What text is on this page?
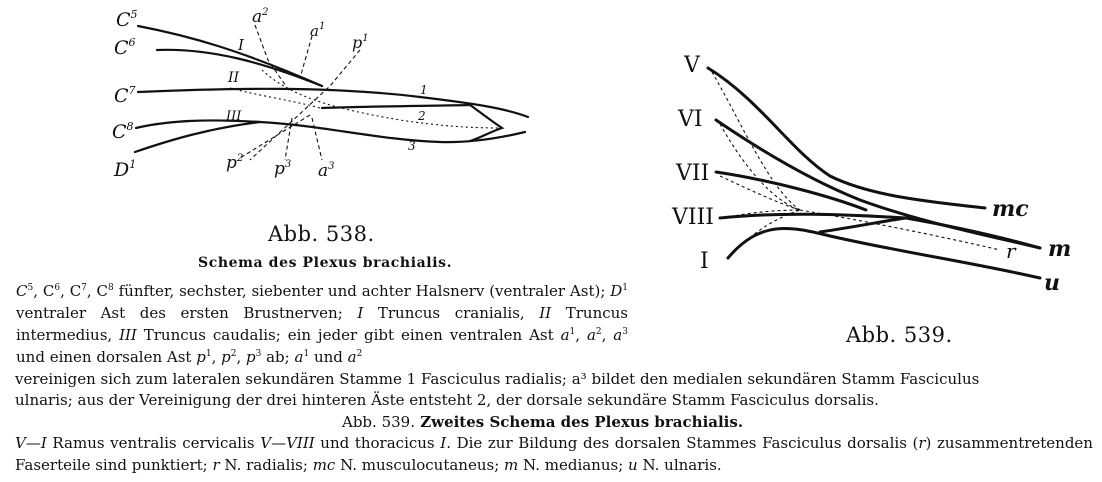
$C^5$
$C^6$
$C^7$
$C^8$
$D^1$
I
II
III
$a^2$
$a^1$
$p^1$
$p^2$
$p^3$ $a^3$
1
2
3
V
VI
VII
VIII
I
mc
m
r
u
Abb. 538.
Abb. 539.
Schema des Plexus brachialis.
$C^5$, $C^6$, $C^7$, $C^8$ fünfter, sechster, siebenter und achter Halsnerv (ventraler Ast); $D^1$ ventraler Ast des ersten Brustnerven; I Truncus cranialis, II Truncus intermedius, III Truncus caudalis; ein jeder gibt einen ventralen Ast $a^1$, $a^2$, $a^3$ und einen dorsalen Ast $p^1$, $p^2$, $p^3$ ab; $a^1$ und $a^2$
vereinigen sich zum lateralen sekundären Stamme 1 Fasciculus radialis; a³ bildet den medialen sekundären Stamm Fasciculus
ulnaris; aus der Vereinigung der drei hinteren Äste entsteht 2, der dorsale sekundäre Stamm Fasciculus dorsalis.
Abb. 539. Zweites Schema des Plexus brachialis.
V—I Ramus ventralis cervicalis V—VIII und thoracicus I. Die zur Bildung des dorsalen Stammes Fasciculus dorsalis (r) zusammentretenden Faserteile sind punktiert; r N. radialis; mc N. musculocutaneus; m N. medianus; u N. ulnaris.
